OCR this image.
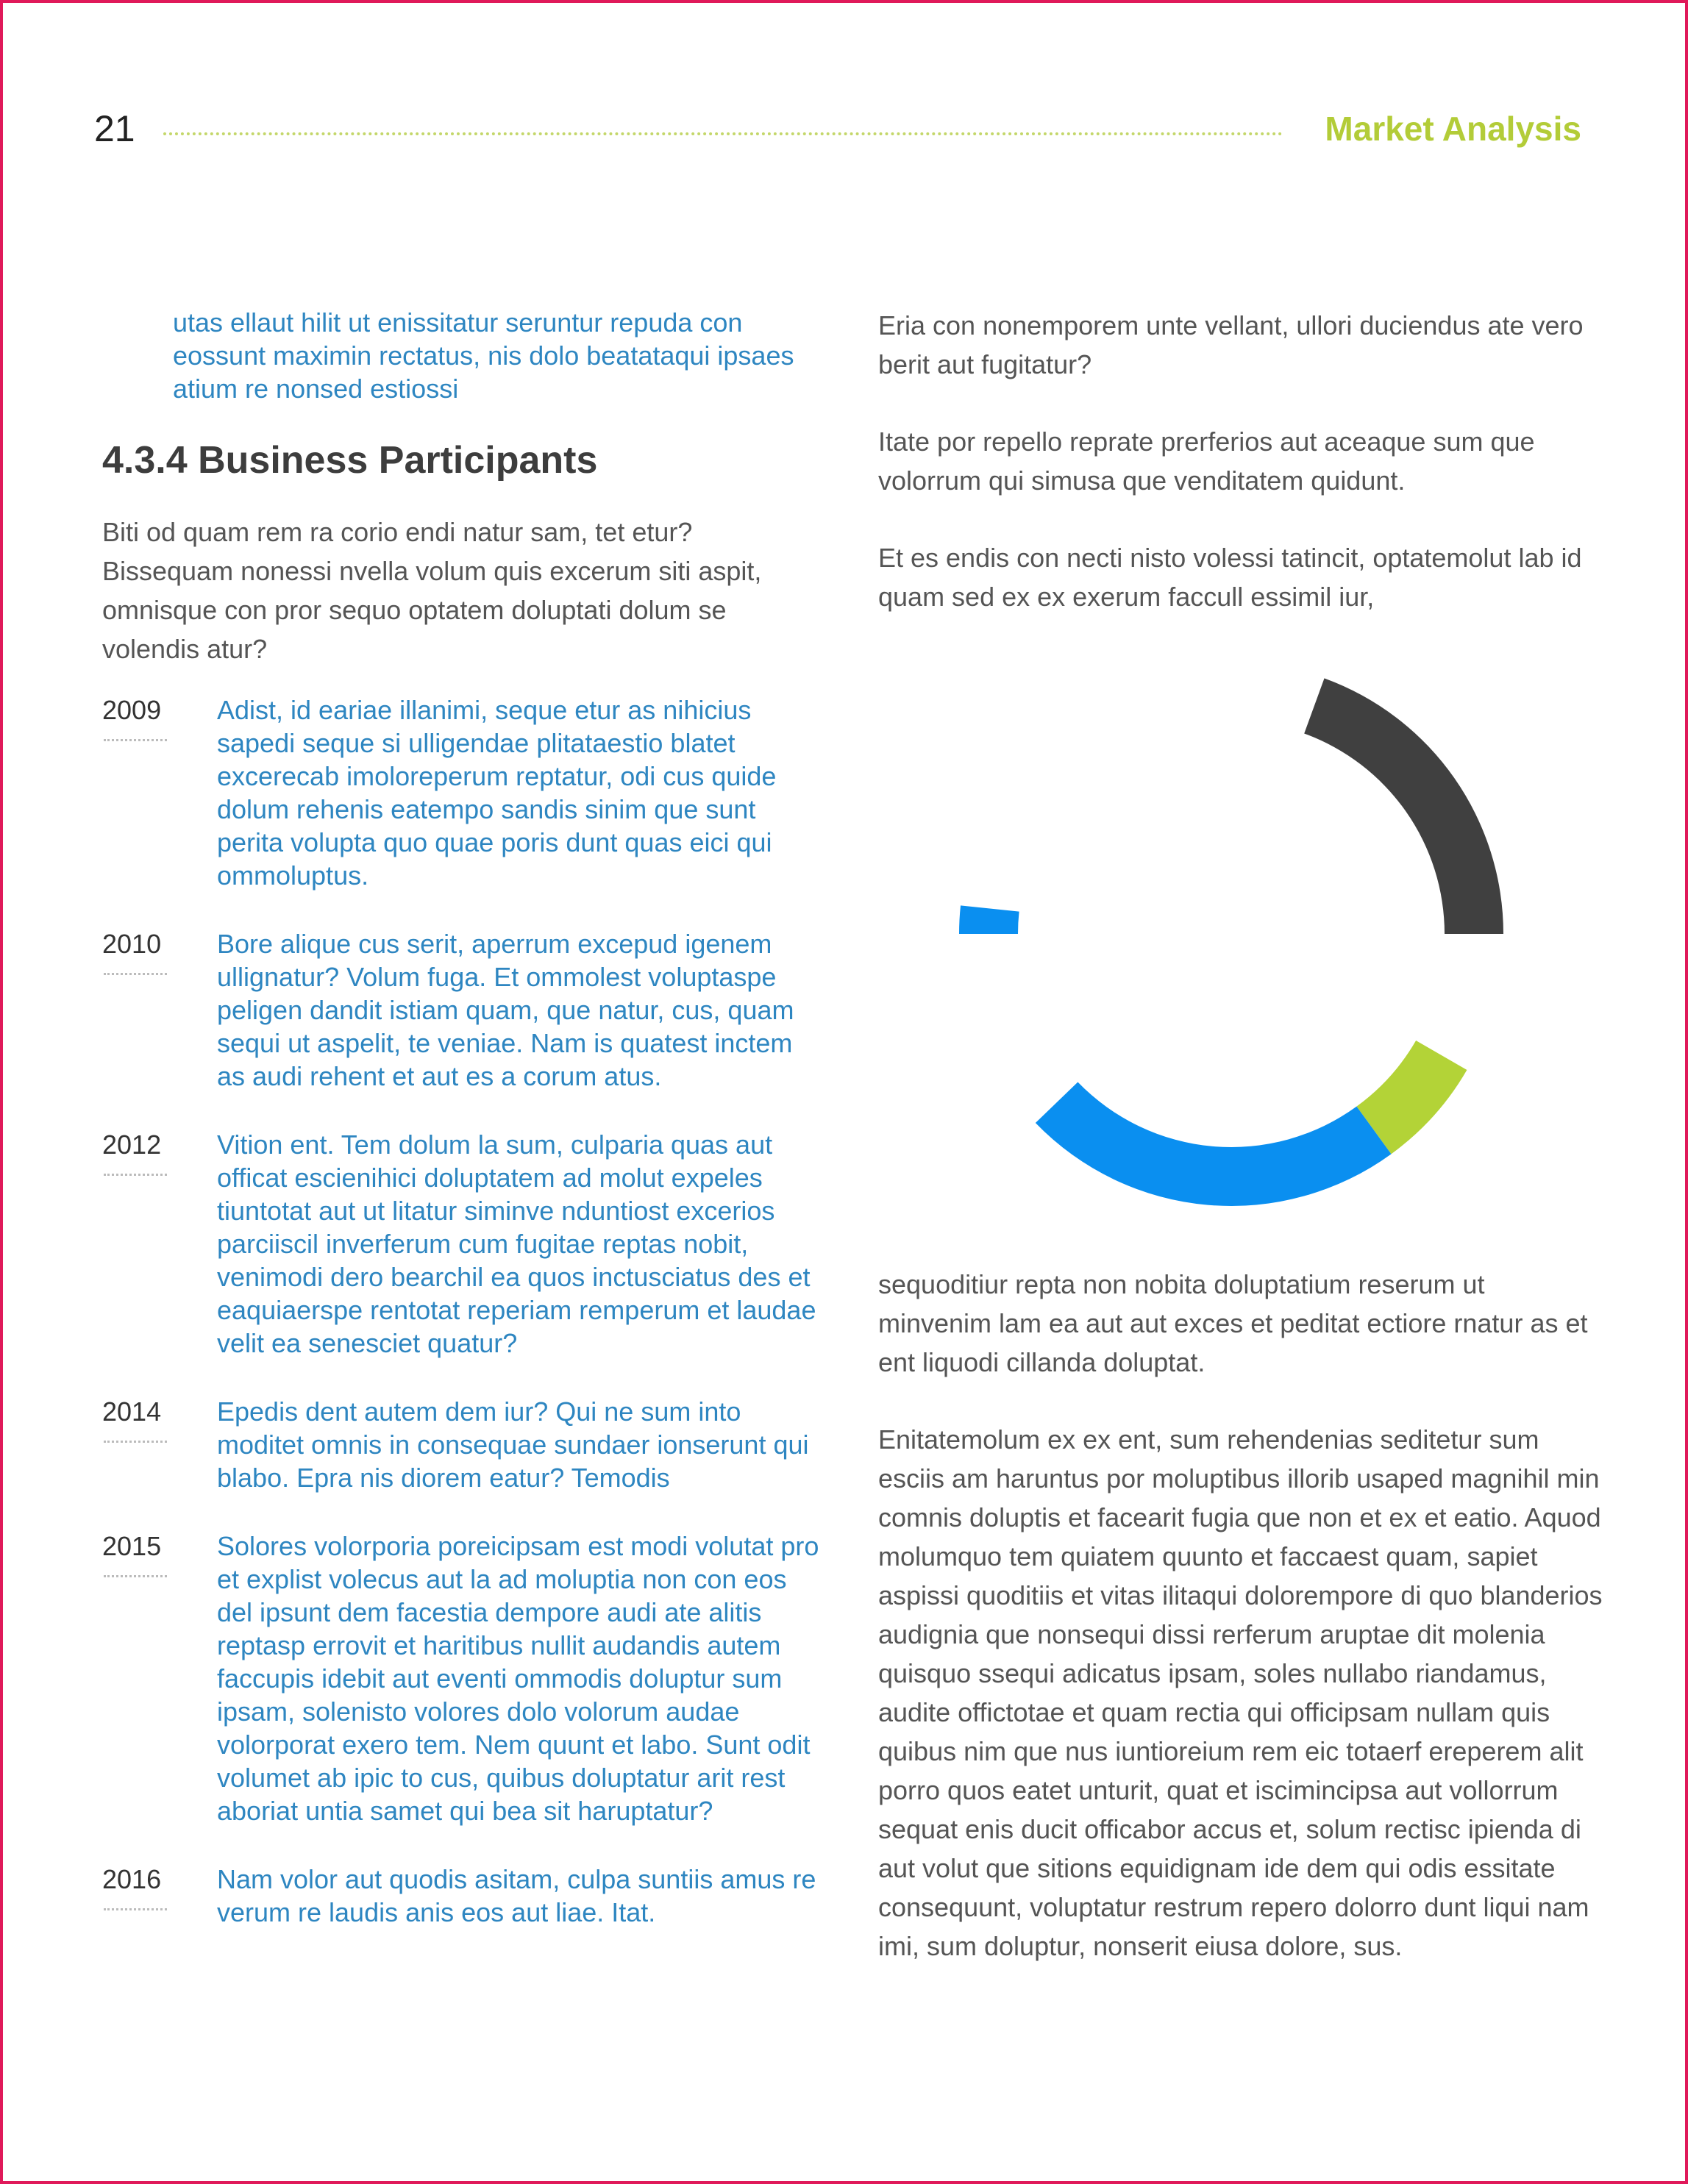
21	Market Analysis

utas ellaut hilit ut enissitatur seruntur repuda con eossunt maximin rectatus, nis dolo beatataqui ipsaes atium re nonsed estiossi

4.3.4 Business Participants

Biti od quam rem ra corio endi natur sam, tet etur? Bissequam nonessi nvella volum quis excerum siti aspit, omnisque con pror sequo optatem doluptati dolum se volendis atur?

2009	Adist, id eariae illanimi, seque etur as nihicius sapedi seque si ulligendae plitataestio blatet excerecab imoloreperum reptatur, odi cus quide dolum rehenis eatempo sandis sinim que sunt perita volupta quo quae poris dunt quas eici qui ommoluptus.

2010	Bore alique cus serit, aperrum excepud igenem ullignatur? Volum fuga. Et ommolest voluptaspe peligen dandit istiam quam, que natur, cus, quam sequi ut aspelit, te veniae. Nam is quatest inctem as audi rehent et aut es a corum atus.

2012	Vition ent. Tem dolum la sum, culparia quas aut officat escienihici doluptatem ad molut expeles tiuntotat aut ut litatur siminve nduntiost excerios parciiscil inverferum cum fugitae reptas nobit, venimodi dero bearchil ea quos inctusciatus des et eaquiaerspe rentotat reperiam remperum et laudae velit ea senesciet quatur?

2014	Epedis dent autem dem iur? Qui ne sum into moditet omnis in consequae sundaer ionserunt qui blabo. Epra nis diorem eatur? Temodis

2015	Solores volorporia poreicipsam est modi volutat pro et explist volecus aut la ad moluptia non con eos del ipsunt dem facestia dempore audi ate alitis reptasp errovit et haritibus nullit audandis autem faccupis idebit aut eventi ommodis doluptur sum ipsam, solenisto volores dolo volorum audae volorporat exero tem. Nem quunt et labo. Sunt odit volumet ab ipic to cus, quibus doluptatur arit rest aboriat untia samet qui bea sit haruptatur?

2016	Nam volor aut quodis asitam, culpa suntiis amus re verum re laudis anis eos aut liae. Itat.

Eria con nonemporem unte vellant, ullori duciendus ate vero berit aut fugitatur?

Itate por repello reprate prerferios aut aceaque sum que volorrum qui simusa que venditatem quidunt.

Et es endis con necti nisto volessi tatincit, optatemolut lab id quam sed ex ex exerum faccull essimil iur,

sequoditiur repta non nobita doluptatium reserum ut minvenim lam ea aut aut exces et peditat ectiore rnatur as et ent liquodi cillanda doluptat.

Enitatemolum ex ex ent, sum rehendenias seditetur sum esciis am haruntus por moluptibus illorib usaped magnihil min comnis doluptis et facearit fugia que non et ex et eatio. Aquod molumquo tem quiatem quunto et faccaest quam, sapiet aspissi quoditiis et vitas ilitaqui dolorempore di quo blanderios audignia que nonsequi dissi rerferum aruptae dit molenia quisquo ssequi adicatus ipsam, soles nullabo riandamus, audite offictotae et quam rectia qui officipsam nullam quis quibus nim que nus iuntioreium rem eic totaerf ereperem alit porro quos eatet unturit, quat et iscimincipsa aut vollorrum sequat enis ducit officabor accus et, solum rectisc ipienda di aut volut que sitions equidignam ide dem qui odis essitate consequunt, voluptatur restrum repero dolorro dunt liqui nam imi, sum doluptur, nonserit eiusa dolore, sus.
